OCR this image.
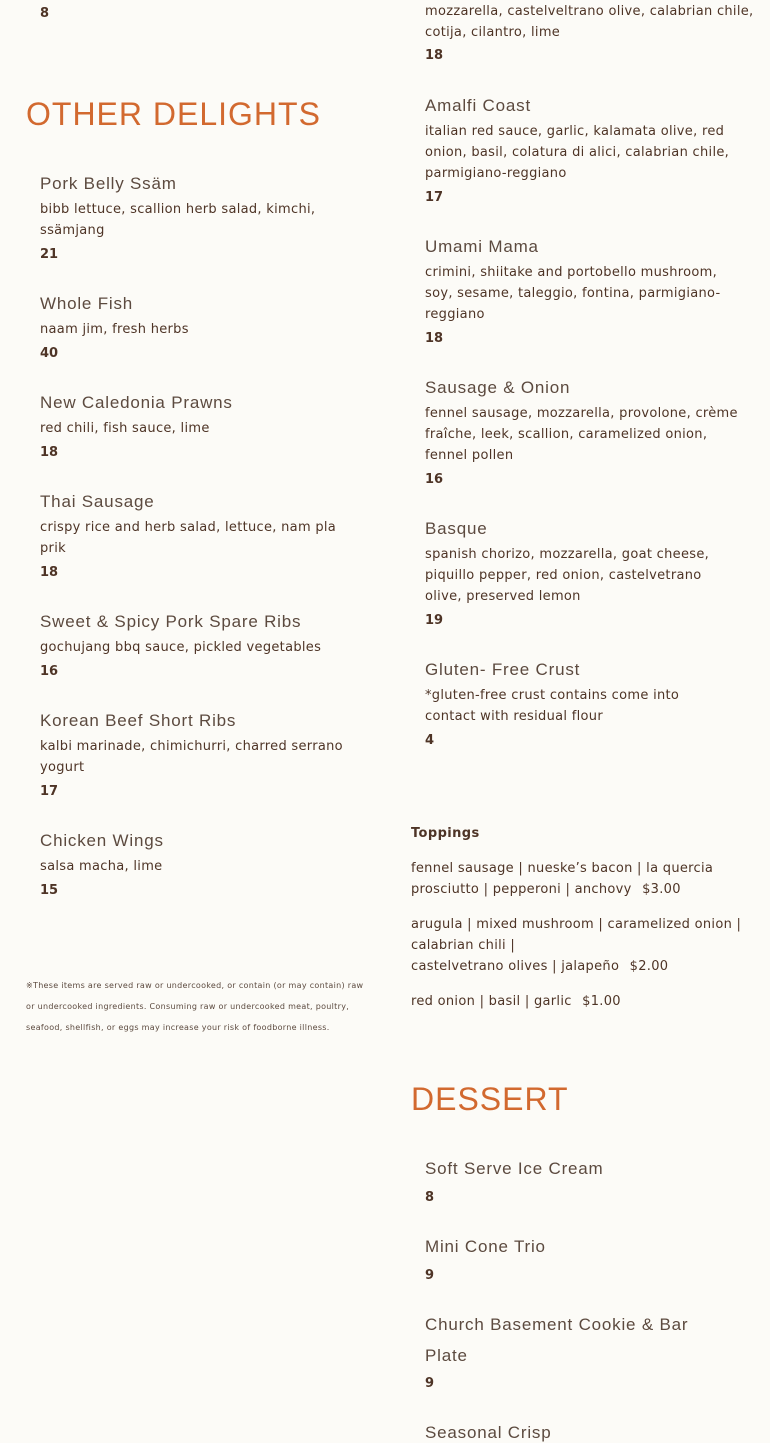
8	mozzarella, castelveltrano olive, calabrian chile, cotija, cilantro, lime
18
OTHER DELIGHTS
Pork Belly Ssäm
bibb lettuce, scallion herb salad, kimchi, ssämjang
21
Whole Fish
naam jim, fresh herbs
40
New Caledonia Prawns
red chili, fish sauce, lime
18
Thai Sausage
crispy rice and herb salad, lettuce, nam pla prik
18
Sweet & Spicy Pork Spare Ribs
gochujang bbq sauce, pickled vegetables
16
Korean Beef Short Ribs
kalbi marinade, chimichurri, charred serrano yogurt
17
Chicken Wings
salsa macha, lime
15
※These items are served raw or undercooked, or contain (or may contain) raw or undercooked ingredients. Consuming raw or undercooked meat, poultry, seafood, shellfish, or eggs may increase your risk of foodborne illness.
Amalfi Coast
italian red sauce, garlic, kalamata olive, red onion, basil, colatura di alici, calabrian chile, parmigiano-reggiano
17
Umami Mama
crimini, shiitake and portobello mushroom, soy, sesame, taleggio, fontina, parmigiano-reggiano
18
Sausage & Onion
fennel sausage, mozzarella, provolone, crème fraîche, leek, scallion, caramelized onion, fennel pollen
16
Basque
spanish chorizo, mozzarella, goat cheese, piquillo pepper, red onion, castelvetrano olive, preserved lemon
19
Gluten- Free Crust
*gluten-free crust contains come into contact with residual flour
4
Toppings
fennel sausage | nueske’s bacon | la quercia prosciutto | pepperoni | anchovy $3.00
arugula | mixed mushroom | caramelized onion | calabrian chili |
castelvetrano olives | jalapeño $2.00
red onion | basil | garlic $1.00
DESSERT
Soft Serve Ice Cream
8
Mini Cone Trio
9
Church Basement Cookie & Bar Plate
9
Seasonal Crisp
